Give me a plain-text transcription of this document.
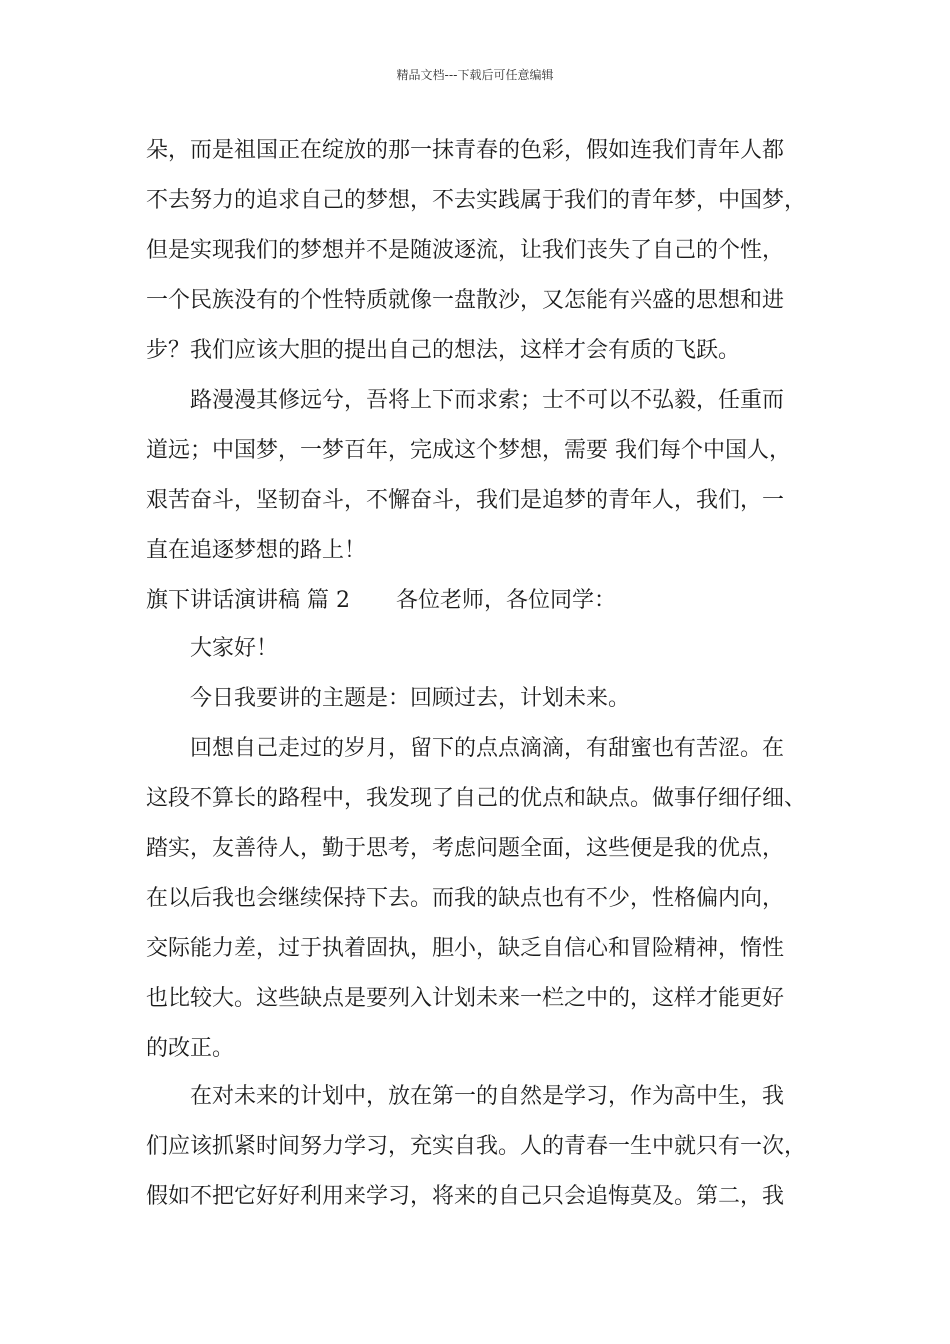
精品文档---下载后可任意编辑
朵，而是祖国正在绽放的那一抹青春的色彩，假如连我们青年人都
不去努力的追求自己的梦想，不去实践属于我们的青年梦，中国梦，
但是实现我们的梦想并不是随波逐流，让我们丧失了自己的个性，
一个民族没有的个性特质就像一盘散沙，又怎能有兴盛的思想和进
步？我们应该大胆的提出自己的想法，这样才会有质的飞跃。
路漫漫其修远兮，吾将上下而求索；士不可以不弘毅，任重而
道远；中国梦，一梦百年，完成这个梦想，需要 我们每个中国人，
艰苦奋斗，坚韧奋斗，不懈奋斗，我们是追梦的青年人，我们，一
直在追逐梦想的路上！
旗下讲话演讲稿 篇 2 各位老师，各位同学：
大家好！
今日我要讲的主题是：回顾过去，计划未来。
回想自己走过的岁月，留下的点点滴滴，有甜蜜也有苦涩。在
这段不算长的路程中，我发现了自己的优点和缺点。做事仔细仔细、
踏实，友善待人，勤于思考，考虑问题全面，这些便是我的优点，
在以后我也会继续保持下去。而我的缺点也有不少，性格偏内向，
交际能力差，过于执着固执，胆小，缺乏自信心和冒险精神，惰性
也比较大。这些缺点是要列入计划未来一栏之中的，这样才能更好
的改正。
在对未来的计划中，放在第一的自然是学习，作为高中生，我
们应该抓紧时间努力学习，充实自我。人的青春一生中就只有一次，
假如不把它好好利用来学习，将来的自己只会追悔莫及。第二，我
